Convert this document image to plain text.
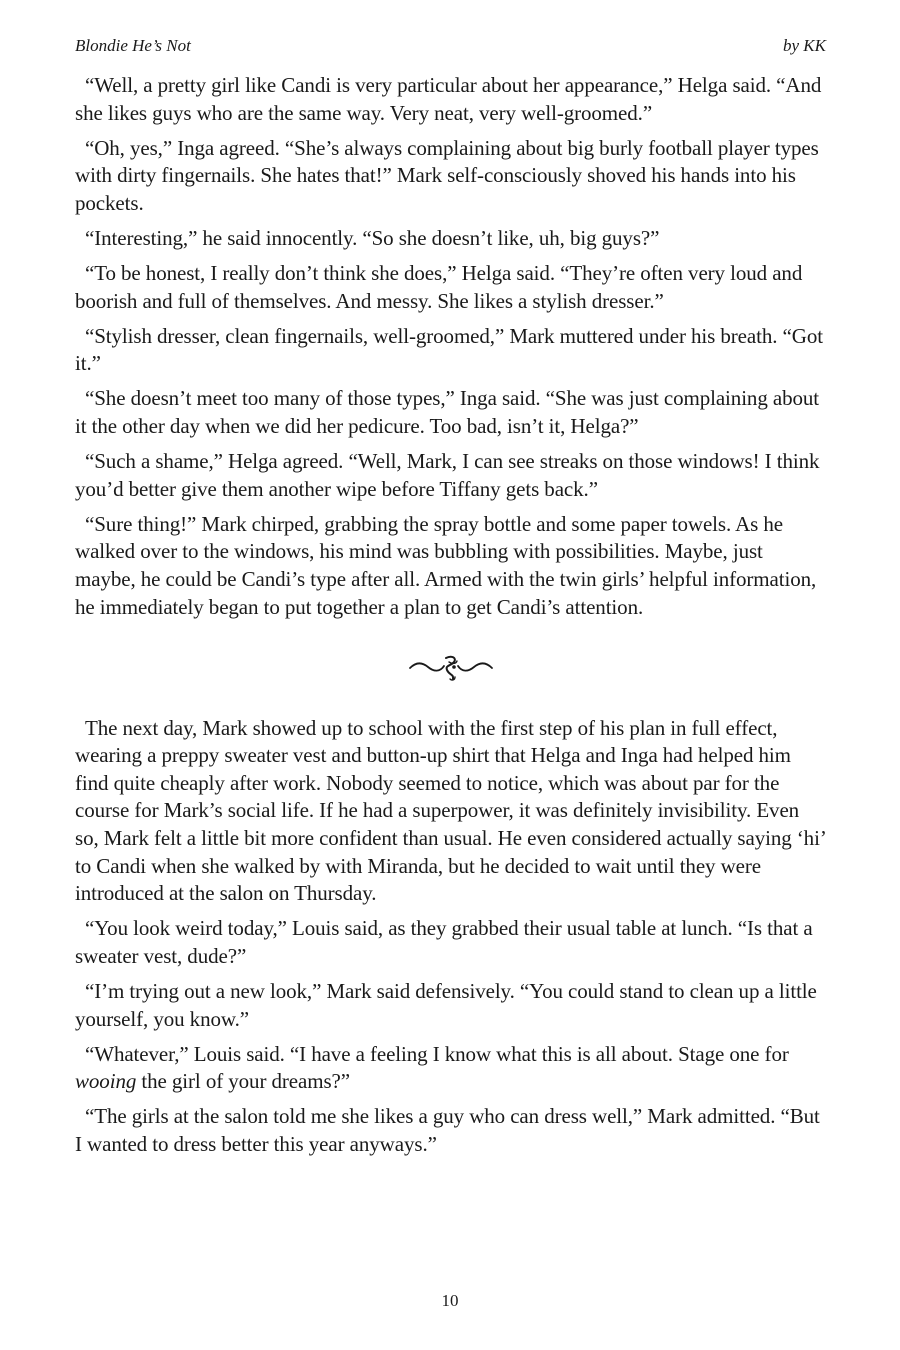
Blondie He’s Not	by KK

“Well, a pretty girl like Candi is very particular about her appearance,” Helga said. “And she likes guys who are the same way. Very neat, very well-groomed.”

“Oh, yes,” Inga agreed. “She’s always complaining about big burly football player types with dirty fingernails. She hates that!” Mark self-consciously shoved his hands into his pockets.

“Interesting,” he said innocently. “So she doesn’t like, uh, big guys?”

“To be honest, I really don’t think she does,” Helga said. “They’re often very loud and boorish and full of themselves. And messy. She likes a stylish dresser.”

“Stylish dresser, clean fingernails, well-groomed,” Mark muttered under his breath. “Got it.”

“She doesn’t meet too many of those types,” Inga said. “She was just complaining about it the other day when we did her pedicure. Too bad, isn’t it, Helga?”

“Such a shame,” Helga agreed. “Well, Mark, I can see streaks on those windows! I think you’d better give them another wipe before Tiffany gets back.”

“Sure thing!” Mark chirped, grabbing the spray bottle and some paper towels. As he walked over to the windows, his mind was bubbling with possibilities. Maybe, just maybe, he could be Candi’s type after all. Armed with the twin girls’ helpful information, he immediately began to put together a plan to get Candi’s attention.

The next day, Mark showed up to school with the first step of his plan in full effect, wearing a preppy sweater vest and button-up shirt that Helga and Inga had helped him find quite cheaply after work. Nobody seemed to notice, which was about par for the course for Mark’s social life. If he had a superpower, it was definitely invisibility. Even so, Mark felt a little bit more confident than usual. He even considered actually saying ‘hi’ to Candi when she walked by with Miranda, but he decided to wait until they were introduced at the salon on Thursday.

“You look weird today,” Louis said, as they grabbed their usual table at lunch. “Is that a sweater vest, dude?”

“I’m trying out a new look,” Mark said defensively. “You could stand to clean up a little yourself, you know.”

“Whatever,” Louis said. “I have a feeling I know what this is all about. Stage one for wooing the girl of your dreams?”

“The girls at the salon told me she likes a guy who can dress well,” Mark admitted. “But I wanted to dress better this year anyways.”

10
